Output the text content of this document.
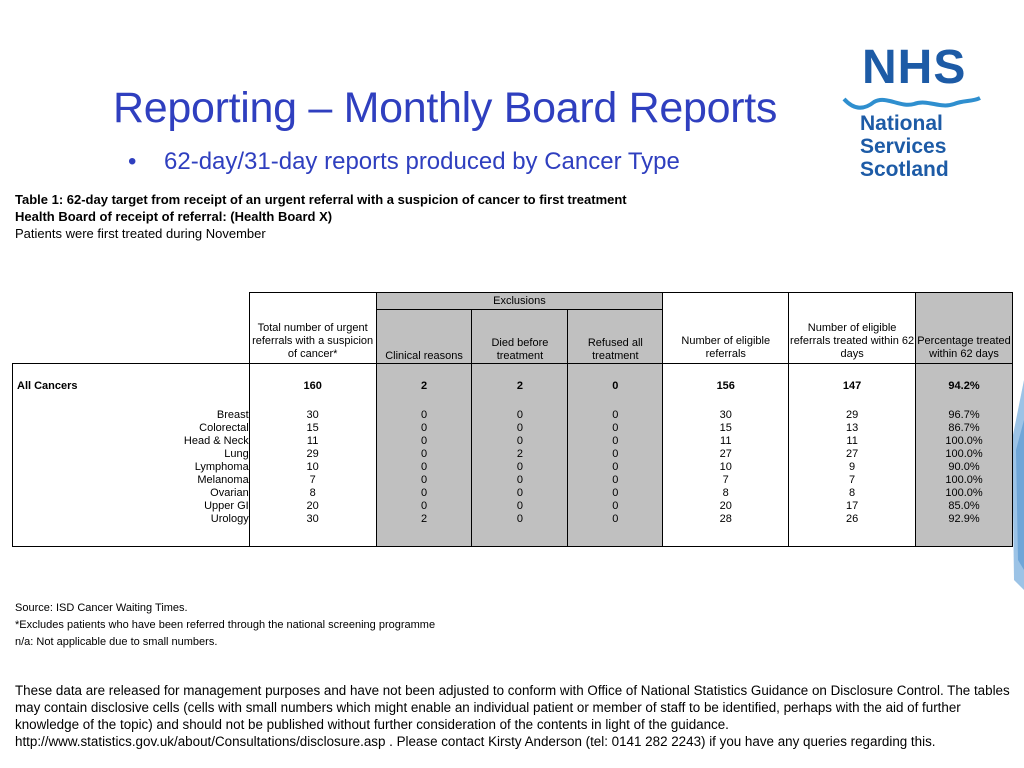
Reporting – Monthly Board Reports

• 62-day/31-day reports produced by Cancer Type

NHS
National
Services
Scotland
Table 1: 62-day target from receipt of an urgent referral with a suspicion of cancer to first treatment
Health Board of receipt of referral: (Health Board X)
Patients were first treated during November
	Total number of urgent referrals with a suspicion of cancer*	Exclusions			Number of eligible referrals	Number of eligible referrals treated within 62 days	Percentage treated within 62 days
		Clinical reasons	Died before treatment	Refused all treatment			

All Cancers	160	2	2	0	156	147	94.2%

Breast	30	0	0	0	30	29	96.7%
Colorectal	15	0	0	0	15	13	86.7%
Head & Neck	11	0	0	0	11	11	100.0%
Lung	29	0	2	0	27	27	100.0%
Lymphoma	10	0	0	0	10	9	90.0%
Melanoma	7	0	0	0	7	7	100.0%
Ovarian	8	0	0	0	8	8	100.0%
Upper GI	20	0	0	0	20	17	85.0%
Urology	30	2	0	0	28	26	92.9%

Source: ISD Cancer Waiting Times.
*Excludes patients who have been referred through the national screening programme
n/a: Not applicable due to small numbers.
These data are released for management purposes and have not been adjusted to conform with Office of National Statistics Guidance on Disclosure Control. The tables may contain disclosive cells (cells with small numbers which might enable an individual patient or member of staff to be identified, perhaps with the aid of further knowledge of the topic) and should not be published without further consideration of the contents in light of the guidance. http://www.statistics.gov.uk/about/Consultations/disclosure.asp . Please contact Kirsty Anderson (tel: 0141 282 2243) if you have any queries regarding this.
